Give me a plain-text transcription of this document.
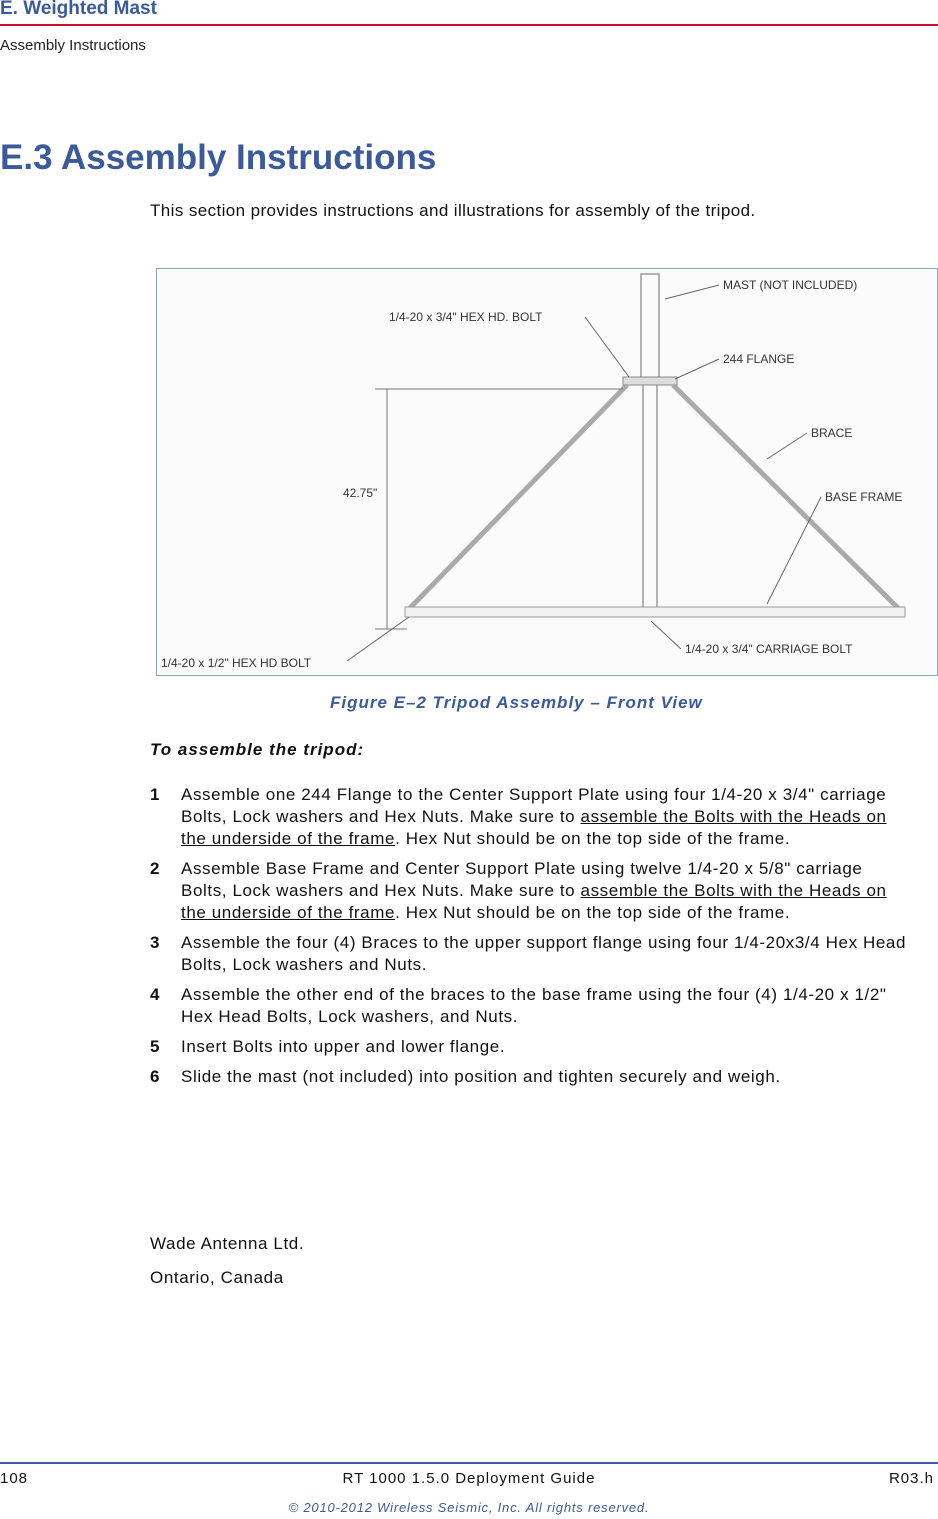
E. Weighted Mast
Assembly Instructions
E.3 Assembly Instructions
This section provides instructions and illustrations for assembly of the tripod.
42.75"
MAST (NOT INCLUDED)
1/4-20 x 3/4" HEX HD. BOLT
244 FLANGE
BRACE
BASE FRAME
1/4-20 x 1/2" HEX HD BOLT
1/4-20 x 3/4" CARRIAGE BOLT
Figure E–2 Tripod Assembly – Front View
To assemble the tripod:
1 Assemble one 244 Flange to the Center Support Plate using four 1/4-20 x 3/4" carriage Bolts, Lock washers and Hex Nuts. Make sure to assemble the Bolts with the Heads on the underside of the frame. Hex Nut should be on the top side of the frame.
2 Assemble Base Frame and Center Support Plate using twelve 1/4-20 x 5/8" carriage Bolts, Lock washers and Hex Nuts. Make sure to assemble the Bolts with the Heads on the underside of the frame. Hex Nut should be on the top side of the frame.
3 Assemble the four (4) Braces to the upper support flange using four 1/4-20x3/4 Hex Head Bolts, Lock washers and Nuts.
4 Assemble the other end of the braces to the base frame using the four (4) 1/4-20 x 1/2" Hex Head Bolts, Lock washers, and Nuts.
5 Insert Bolts into upper and lower flange.
6 Slide the mast (not included) into position and tighten securely and weigh.
Wade Antenna Ltd.
Ontario, Canada
108	RT 1000 1.5.0 Deployment Guide	R03.h
© 2010-2012 Wireless Seismic, Inc. All rights reserved.
